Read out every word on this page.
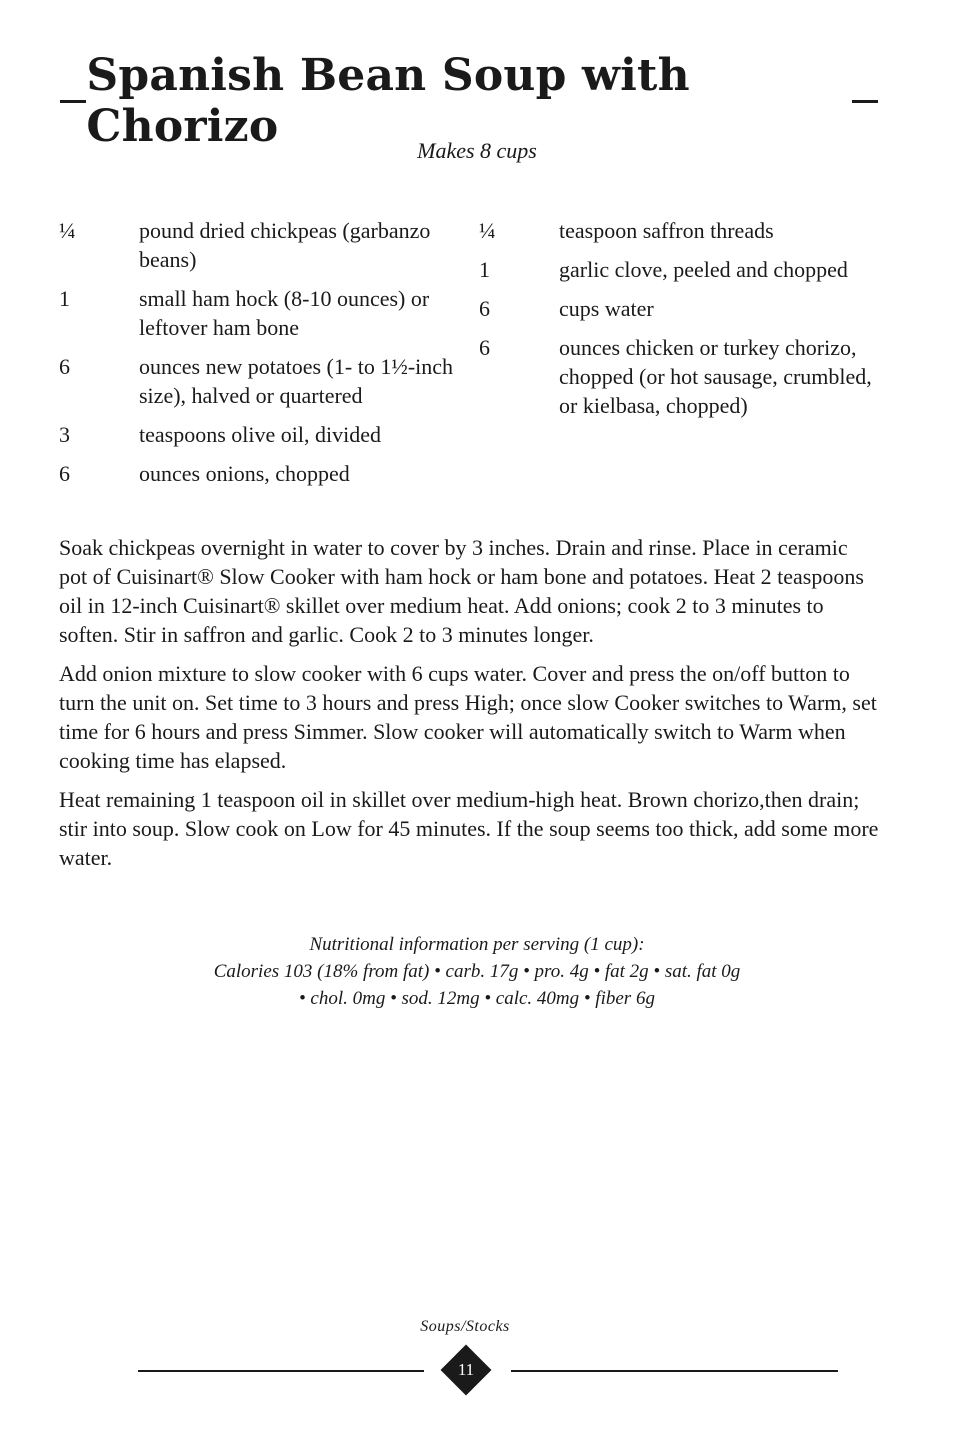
Spanish Bean Soup with Chorizo	Makes 8 cups
¼	pound dried chickpeas (garbanzo beans)
1	small ham hock (8-10 ounces) or leftover ham bone
6	ounces new potatoes (1- to 1½-inch size), halved or quartered
3	teaspoons olive oil, divided
6	ounces onions, chopped
¼	teaspoon saffron threads
1	garlic clove, peeled and chopped
6	cups water
6	ounces chicken or turkey chorizo, chopped (or hot sausage, crumbled, or kielbasa, chopped)

Soak chickpeas overnight in water to cover by 3 inches. Drain and rinse. Place in ceramic pot of Cuisinart® Slow Cooker with ham hock or ham bone and potatoes. Heat 2 teaspoons oil in 12-inch Cuisinart® skillet over medium heat. Add onions; cook 2 to 3 minutes to soften. Stir in saffron and garlic. Cook 2 to 3 minutes longer.

Add onion mixture to slow cooker with 6 cups water. Cover and press the on/off button to turn the unit on. Set time to 3 hours and press High; once slow Cooker switches to Warm, set time for 6 hours and press Simmer. Slow cooker will automatically switch to Warm when cooking time has elapsed.

Heat remaining 1 teaspoon oil in skillet over medium-high heat. Brown chorizo,then drain; stir into soup. Slow cook on Low for 45 minutes. If the soup seems too thick, add some more water.

Nutritional information per serving (1 cup):
Calories 103 (18% from fat) • carb. 17g • pro. 4g • fat 2g • sat. fat 0g
• chol. 0mg • sod. 12mg • calc. 40mg • fiber 6g
Soups/Stocks
11
